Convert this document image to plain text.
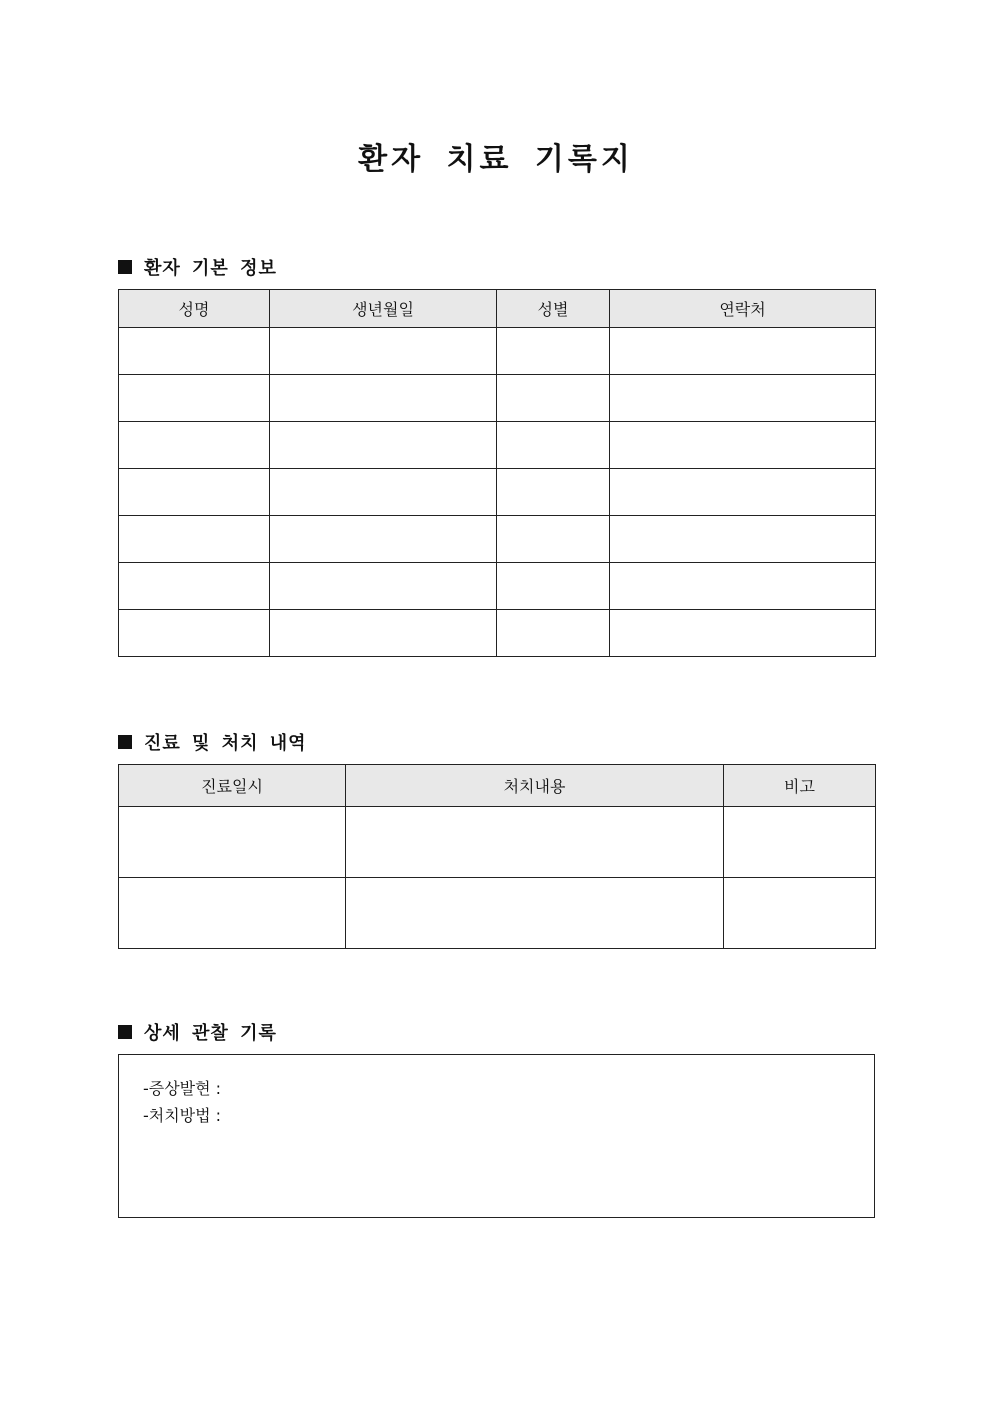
환자 치료 기록지
환자 기본 정보
성명	생년월일	성별	연락처

진료 및 처치 내역
진료일시	처치내용	비고

상세 관찰 기록
-증상발현 :
-처치방법 :
